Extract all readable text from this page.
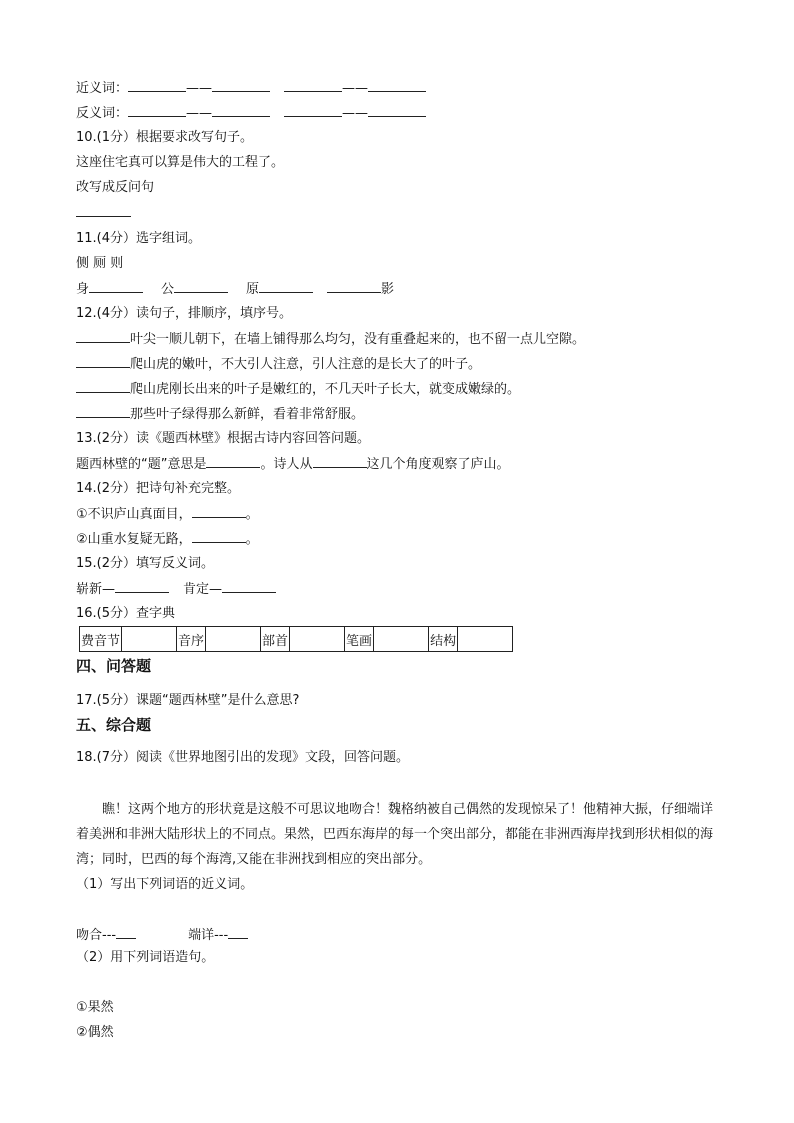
近义词：	——	——
反义词：	——	——
10.(1分）根据要求改写句子。
这座住宅真可以算是伟大的工程了。
改写成反问句
11.(4分）选字组词。
侧 厕 则
身	公	原	影
12.(4分）读句子，排顺序，填序号。
叶尖一顺儿朝下，在墙上铺得那么均匀，没有重叠起来的，也不留一点儿空隙。
爬山虎的嫩叶，不大引人注意，引人注意的是长大了的叶子。
爬山虎刚长出来的叶子是嫩红的，不几天叶子长大，就变成嫩绿的。
那些叶子绿得那么新鲜，看着非常舒服。
13.(2分）读《题西林壁》根据古诗内容回答问题。
题西林壁的“题”意思是	。诗人从	这几个角度观察了庐山。
14.(2分）把诗句补充完整。
①不识庐山真面目，	。
②山重水复疑无路，	。
15.(2分）填写反义词。
崭新—	肯定—
16.(5分）查字典
费音节		音序		部首		笔画		结构	
四、问答题
17.(5分）课题“题西林壁”是什么意思?
五、综合题
18.(7分）阅读《世界地图引出的发现》文段，回答问题。
瞧！这两个地方的形状竟是这般不可思议地吻合！魏格纳被自己偶然的发现惊呆了！他精神大振，仔细端详着美洲和非洲大陆形状上的不同点。果然，巴西东海岸的每一个突出部分，都能在非洲西海岸找到形状相似的海湾；同时，巴西的每个海湾,又能在非洲找到相应的突出部分。
（1）写出下列词语的近义词。
吻合---	端详---
（2）用下列词语造句。
①果然
②偶然
